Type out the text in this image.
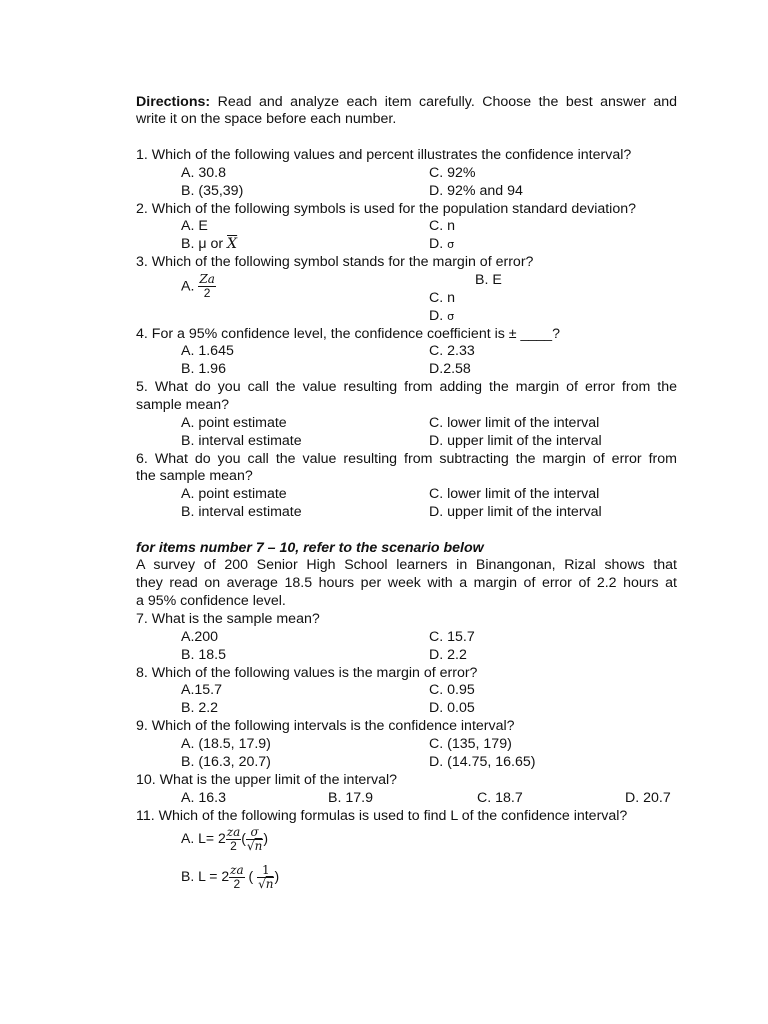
Directions: Read and analyze each item carefully. Choose the best answer and
write it on the space before each number.
1. Which of the following values and percent illustrates the confidence interval?
A. 30.8	C. 92%
B. (35,39)	D. 92% and 94
2. Which of the following symbols is used for the population standard deviation?
A. E	C. n
B. μ or $\overline{X}$	D. σ
3. Which of the following symbol stands for the margin of error?
A. $\frac{Za}{2}$	B. E
C. n
D. σ
4. For a 95% confidence level, the confidence coefficient is ± ____?
A. 1.645	C. 2.33
B. 1.96	D.2.58
5. What do you call the value resulting from adding the margin of error from the
sample mean?
A. point estimate	C. lower limit of the interval
B. interval estimate	D. upper limit of the interval
6. What do you call the value resulting from subtracting the margin of error from
the sample mean?
A. point estimate	C. lower limit of the interval
B. interval estimate	D. upper limit of the interval
for items number 7 – 10, refer to the scenario below
A survey of 200 Senior High School learners in Binangonan, Rizal shows that
they read on average 18.5 hours per week with a margin of error of 2.2 hours at
a 95% confidence level.
7. What is the sample mean?
A.200	C. 15.7
B. 18.5	D. 2.2
8. Which of the following values is the margin of error?
A.15.7	C. 0.95
B. 2.2	D. 0.05
9. Which of the following intervals is the confidence interval?
A. (18.5, 17.9)	C. (135, 179)
B. (16.3, 20.7)	D. (14.75, 16.65)
10. What is the upper limit of the interval?
A. 16.3	B. 17.9	C. 18.7	D. 20.7
11. Which of the following formulas is used to find L of the confidence interval?
A. $L= 2 \frac{za}{2}$ ( $\frac{\sigma}{√n}$ )
B. $L = 2 \frac{za}{2}$ ( $\frac{1}{√n}$ )
